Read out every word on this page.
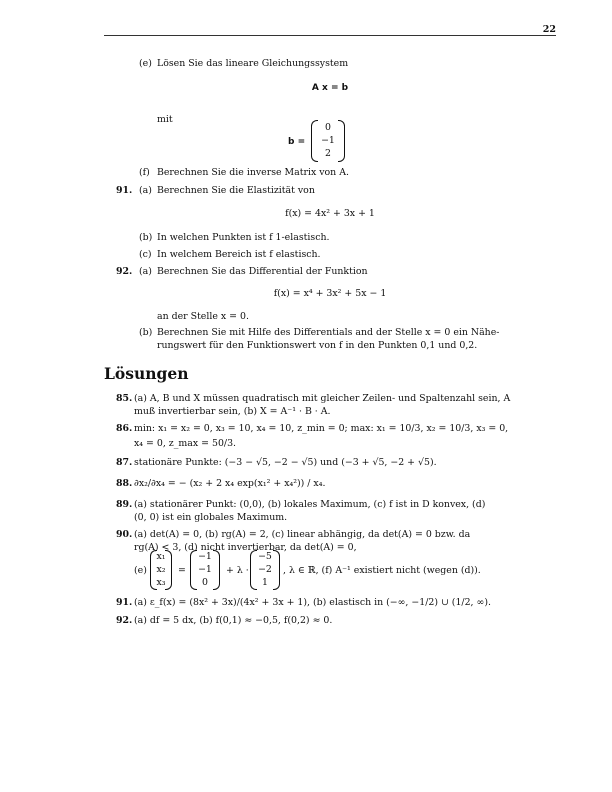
22
(e) Lösen Sie das lineare Gleichungssystem
A x = b
mit
b =
0
−1
2
(f) Berechnen Sie die inverse Matrix von A.
91. (a) Berechnen Sie die Elastizität von
f(x) = 4x² + 3x + 1
(b) In welchen Punkten ist f 1-elastisch.
(c) In welchem Bereich ist f elastisch.
92. (a) Berechnen Sie das Differential der Funktion
f(x) = x⁴ + 3x² + 5x − 1
an der Stelle x = 0.
(b) Berechnen Sie mit Hilfe des Differentials and der Stelle x = 0 ein Nähe-
rungswert für den Funktionswert von f in den Punkten 0,1 und 0,2.
Lösungen
85. (a) A, B und X müssen quadratisch mit gleicher Zeilen- und Spaltenzahl sein, A
muß invertierbar sein, (b) X = A⁻¹ · B · A.
86. min: x₁ = x₂ = 0, x₃ = 10, x₄ = 10, z_min = 0; max: x₁ = 10/3, x₂ = 10/3, x₃ = 0,
x₄ = 0, z_max = 50/3.
87. stationäre Punkte: (−3 − √5, −2 − √5) und (−3 + √5, −2 + √5).
88. ∂x₂/∂x₄ = − (x₂ + 2 x₄ exp(x₁² + x₄²)) / x₄.
89. (a) stationärer Punkt: (0,0), (b) lokales Maximum, (c) f ist in D konvex, (d)
(0, 0) ist ein globales Maximum.
90. (a) det(A) = 0, (b) rg(A) = 2, (c) linear abhängig, da det(A) = 0 bzw. da
rg(A) < 3, (d) nicht invertierbar, da det(A) = 0,
(e)
x₁
x₂
x₃
=
−1
−1
0
+ λ ·
−5
−2
1
, λ ∈ ℝ, (f) A⁻¹ existiert nicht (wegen (d)).
91. (a) ε_f(x) = (8x² + 3x)/(4x² + 3x + 1), (b) elastisch in (−∞, −1/2) ∪ (1/2, ∞).
92. (a) df = 5 dx, (b) f(0,1) ≈ −0,5, f(0,2) ≈ 0.
